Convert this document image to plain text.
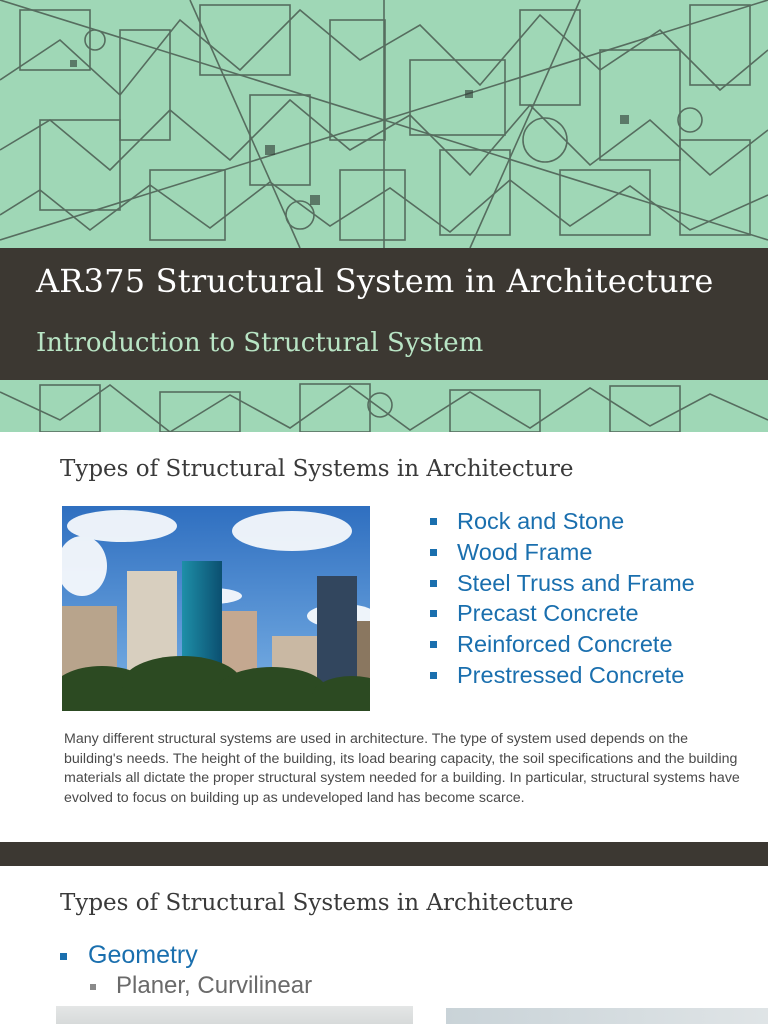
AR375 Structural System in Architecture
Introduction to Structural System
Types of Structural Systems in Architecture
Rock and Stone
Wood Frame
Steel Truss and Frame
Precast Concrete
Reinforced Concrete
Prestressed Concrete

Many different structural systems are used in architecture. The type of system used depends on the building's needs. The height of the building, its load bearing capacity, the soil specifications and the building materials all dictate the proper structural system needed for a building. In particular, structural systems have evolved to focus on building up as undeveloped land has become scarce.

Types of Structural Systems in Architecture
Geometry
Planer, Curvilinear
